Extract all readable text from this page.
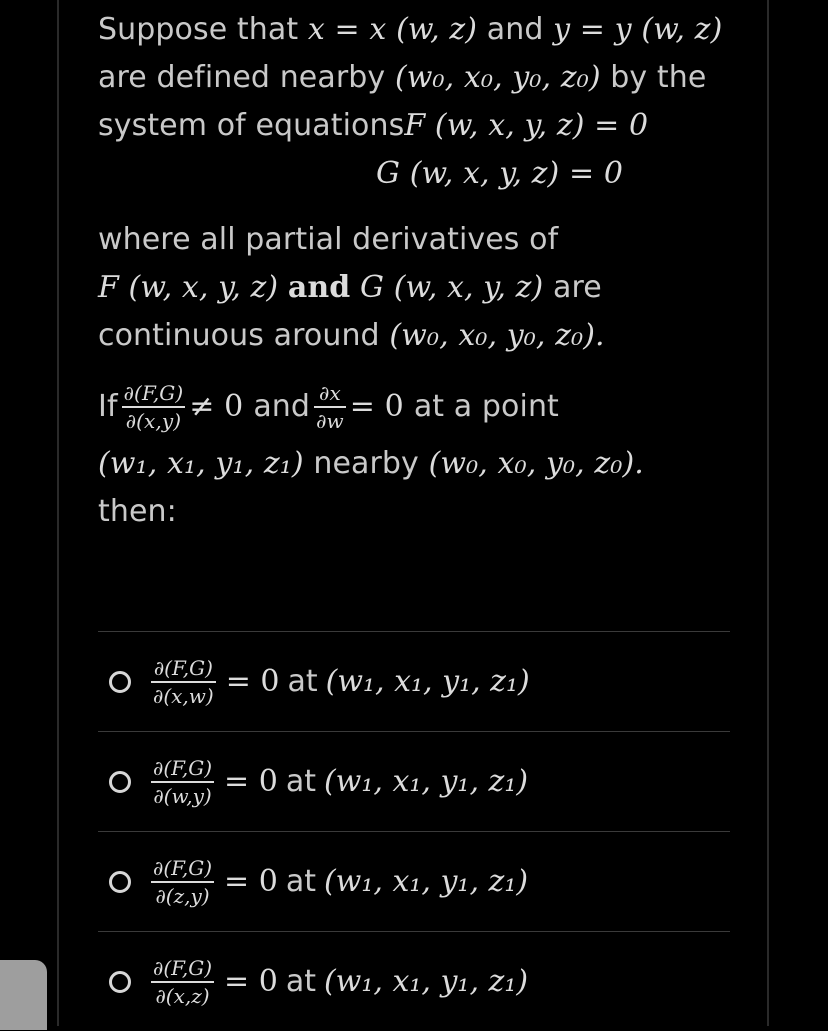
Suppose that x = x (w, z) and y = y (w, z)
are defined nearby (w₀, x₀, y₀, z₀) by the
system of equationsF (w, x, y, z) = 0
G (w, x, y, z) = 0
where all partial derivatives of
F (w, x, y, z) and G (w, x, y, z) are
continuous around (w₀, x₀, y₀, z₀).
If $\frac{\partial(F,G)}{\partial(x,y)} \ne 0$ and $\frac{\partial x}{\partial w} = 0$ at a point
(w₁, x₁, y₁, z₁) nearby (w₀, x₀, y₀, z₀).
then:
$\frac{\partial(F,G)}{\partial(x,w)} = 0$ at (w₁, x₁, y₁, z₁)
$\frac{\partial(F,G)}{\partial(w,y)} = 0$ at (w₁, x₁, y₁, z₁)
$\frac{\partial(F,G)}{\partial(z,y)} = 0$ at (w₁, x₁, y₁, z₁)
$\frac{\partial(F,G)}{\partial(x,z)} = 0$ at (w₁, x₁, y₁, z₁)
